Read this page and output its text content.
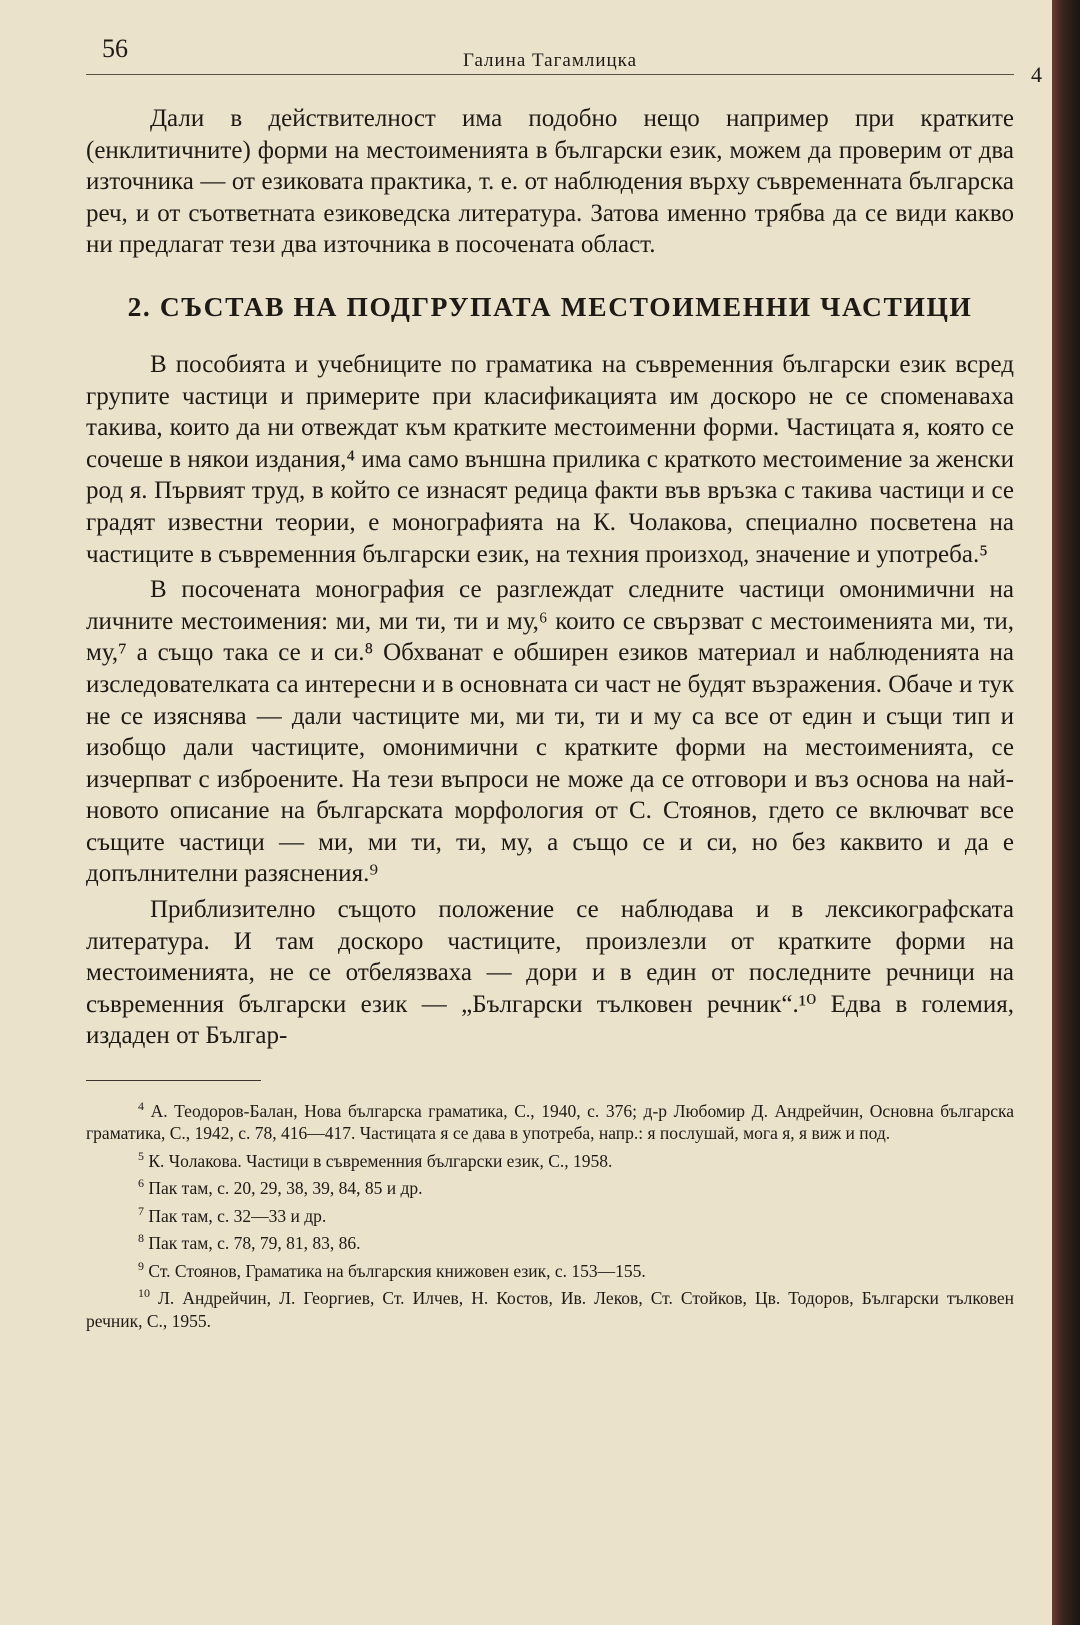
56	Галина Тагамлицка
4

Дали в действителност има подобно нещо например при кратките (енклитичните) форми на местоименията в български език, можем да проверим от два източника — от езиковата практика, т. е. от наблюдения върху съвременната българска реч, и от съответната езиковедска литература. Затова именно трябва да се види какво ни предлагат тези два източника в посочената област.

2. СЪСТАВ НА ПОДГРУПАТА МЕСТОИМЕННИ ЧАСТИЦИ

В пособията и учебниците по граматика на съвременния български език всред групите частици и примерите при класификацията им доскоро не се споменаваха такива, които да ни отвеждат към кратките местоименни форми. Частицата я, която се сочеше в някои издания,⁴ има само външна прилика с краткото местоимение за женски род я. Първият труд, в който се изнасят редица факти във връзка с такива частици и се градят известни теории, е монографията на К. Чолакова, специално посветена на частиците в съвременния български език, на техния произход, значение и употреба.⁵

В посочената монография се разглеждат следните частици омонимични на личните местоимения: ми, ми ти, ти и му,⁶ които се свързват с местоименията ми, ти, му,⁷ а също така се и си.⁸ Обхванат е обширен езиков материал и наблюденията на изследователката са интересни и в основната си част не будят възражения. Обаче и тук не се изяснява — дали частиците ми, ми ти, ти и му са все от един и същи тип и изобщо дали частиците, омонимични с кратките форми на местоименията, се изчерпват с изброените. На тези въпроси не може да се отговори и въз основа на най-новото описание на българската морфология от С. Стоянов, гдето се включват все същите частици — ми, ми ти, ти, му, а също се и си, но без каквито и да е допълнителни разяснения.⁹

Приблизително същото положение се наблюдава и в лексикографската литература. И там доскоро частиците, произлезли от кратките форми на местоименията, не се отбелязваха — дори и в един от последните речници на съвременния български език — „Български тълковен речник“.¹⁰ Едва в големия, издаден от Българ-

$^4$ А. Теодоров-Балан, Нова българска граматика, С., 1940, с. 376; д-р Любомир Д. Андрейчин, Основна българска граматика, С., 1942, с. 78, 416—417. Частицата я се дава в употреба, напр.: я послушай, мога я, я виж и под.

$^5$ К. Чолакова. Частици в съвременния български език, С., 1958.

$^6$ Пак там, с. 20, 29, 38, 39, 84, 85 и др.

$^7$ Пак там, с. 32—33 и др.

$^8$ Пак там, с. 78, 79, 81, 83, 86.

$^9$ Ст. Стоянов, Граматика на българския книжовен език, с. 153—155.

$^{10}$ Л. Андрейчин, Л. Георгиев, Ст. Илчев, Н. Костов, Ив. Леков, Ст. Стойков, Цв. Тодоров, Български тълковен речник, С., 1955.
